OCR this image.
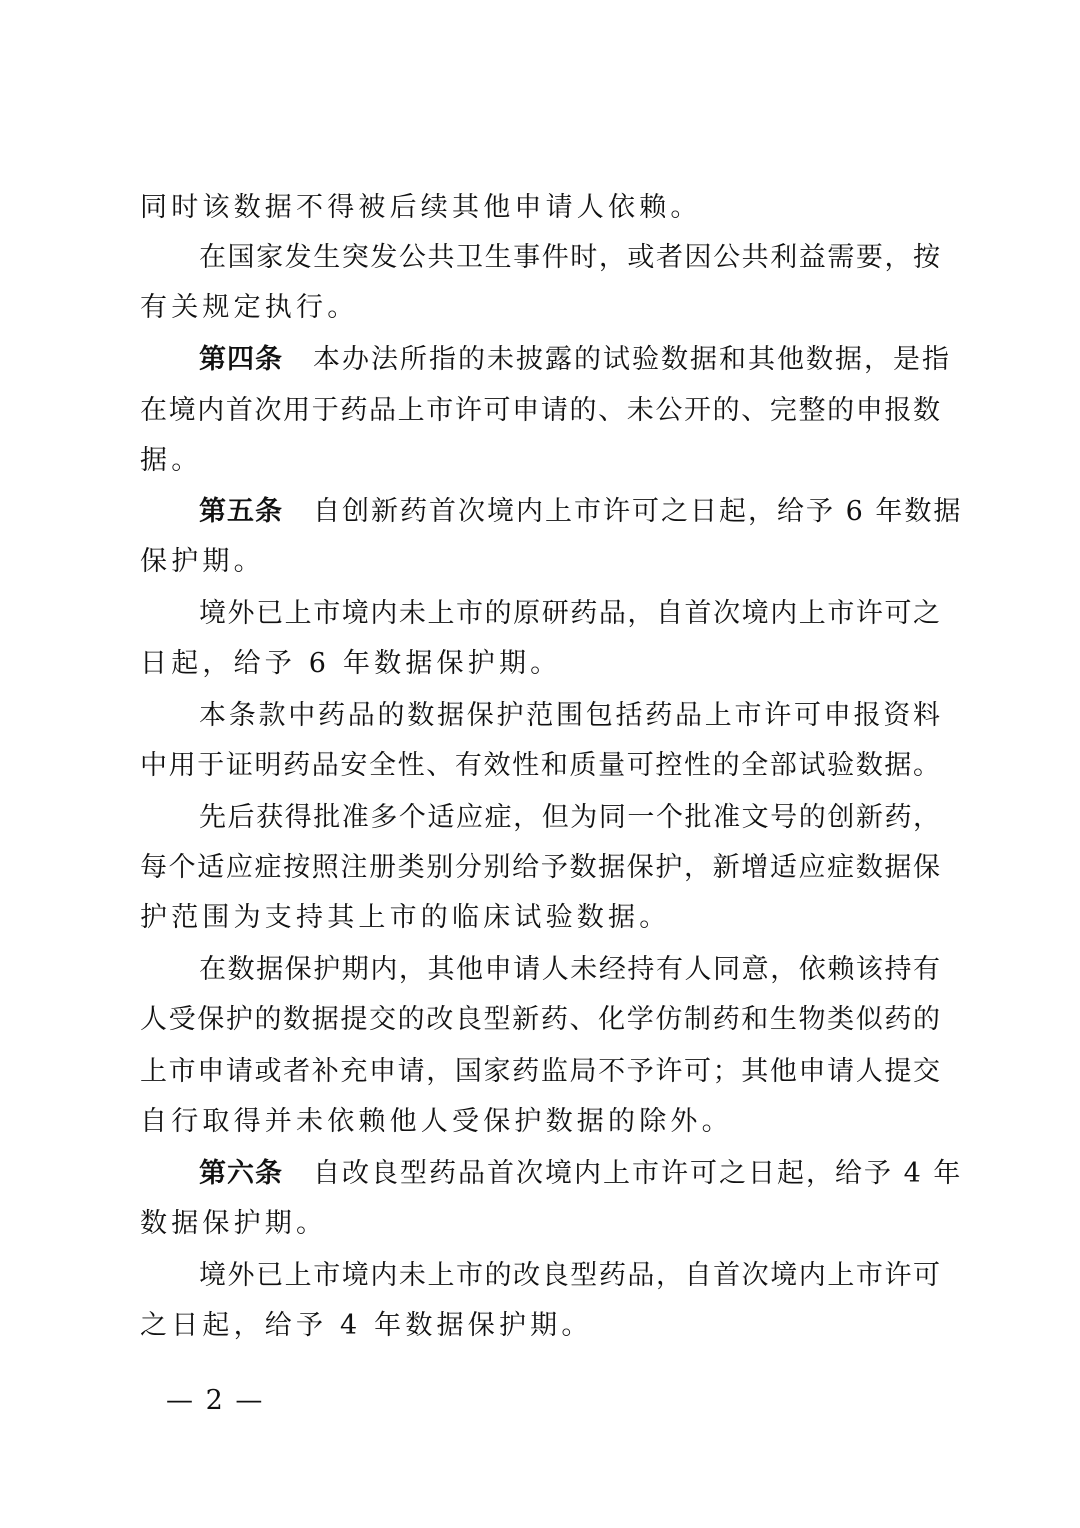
同时该数据不得被后续其他申请人依赖。
在国家发生突发公共卫生事件时，或者因公共利益需要，按
有关规定执行。
第四条 本办法所指的未披露的试验数据和其他数据，是指
在境内首次用于药品上市许可申请的、未公开的、完整的申报数
据。
第五条 自创新药首次境内上市许可之日起，给予 6 年数据
保护期。
境外已上市境内未上市的原研药品，自首次境内上市许可之
日起，给予 6 年数据保护期。
本条款中药品的数据保护范围包括药品上市许可申报资料
中用于证明药品安全性、有效性和质量可控性的全部试验数据。
先后获得批准多个适应症，但为同一个批准文号的创新药，
每个适应症按照注册类别分别给予数据保护，新增适应症数据保
护范围为支持其上市的临床试验数据。
在数据保护期内，其他申请人未经持有人同意，依赖该持有
人受保护的数据提交的改良型新药、化学仿制药和生物类似药的
上市申请或者补充申请，国家药监局不予许可；其他申请人提交
自行取得并未依赖他人受保护数据的除外。
第六条 自改良型药品首次境内上市许可之日起，给予 4 年
数据保护期。
境外已上市境内未上市的改良型药品，自首次境内上市许可
之日起，给予 4 年数据保护期。
— 2 —
